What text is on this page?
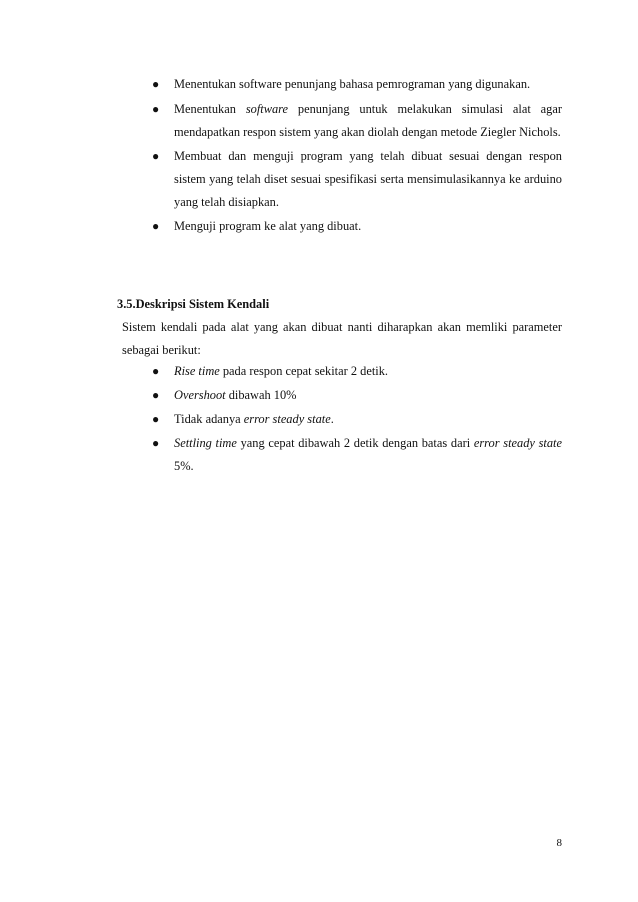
●	Menentukan software penunjang bahasa pemrograman yang digunakan.
●	Menentukan software penunjang untuk melakukan simulasi alat agar mendapatkan respon sistem yang akan diolah dengan metode Ziegler Nichols.
●	Membuat dan menguji program yang telah dibuat sesuai dengan respon sistem yang telah diset sesuai spesifikasi serta mensimulasikannya ke arduino yang telah disiapkan.
●	Menguji program ke alat yang dibuat.
3.5.Deskripsi Sistem Kendali
Sistem kendali pada alat yang akan dibuat nanti diharapkan akan memliki parameter sebagai berikut:
●	Rise time pada respon cepat sekitar 2 detik.
●	Overshoot dibawah 10%
●	Tidak adanya error steady state.
●	Settling time yang cepat dibawah 2 detik dengan batas dari error steady state 5%.
8
